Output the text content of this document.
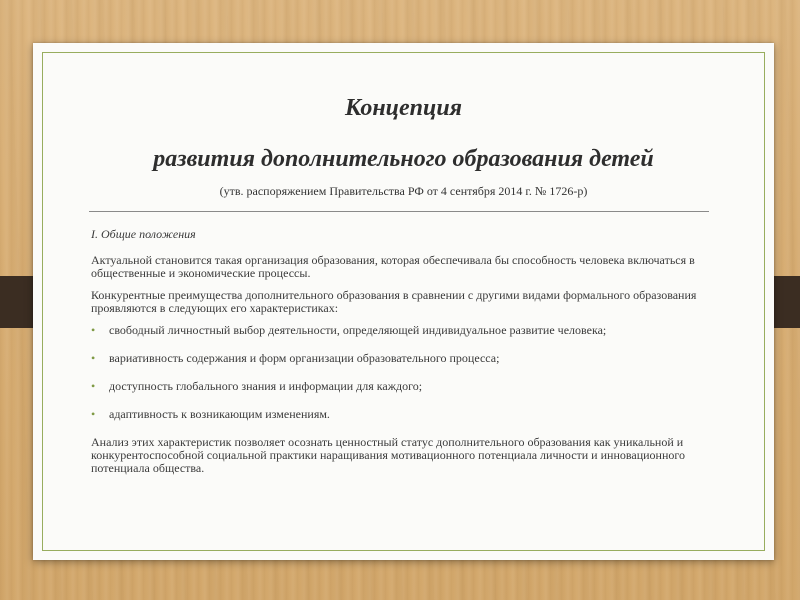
Концепция
развития дополнительного образования детей
(утв. распоряжением Правительства РФ от 4 сентября 2014 г. № 1726-р)

I. Общие положения

Актуальной становится такая организация образования, которая обеспечивала бы способность человека включаться в общественные и экономические процессы.

Конкурентные преимущества дополнительного образования в сравнении с другими видами формального образования проявляются в следующих его характеристиках:

• свободный личностный выбор деятельности, определяющей индивидуальное развитие человека;
• вариативность содержания и форм организации образовательного процесса;
• доступность глобального знания и информации для каждого;
• адаптивность к возникающим изменениям.

Анализ этих характеристик позволяет осознать ценностный статус дополнительного образования как уникальной и конкурентоспособной социальной практики наращивания мотивационного потенциала личности и инновационного потенциала общества.
